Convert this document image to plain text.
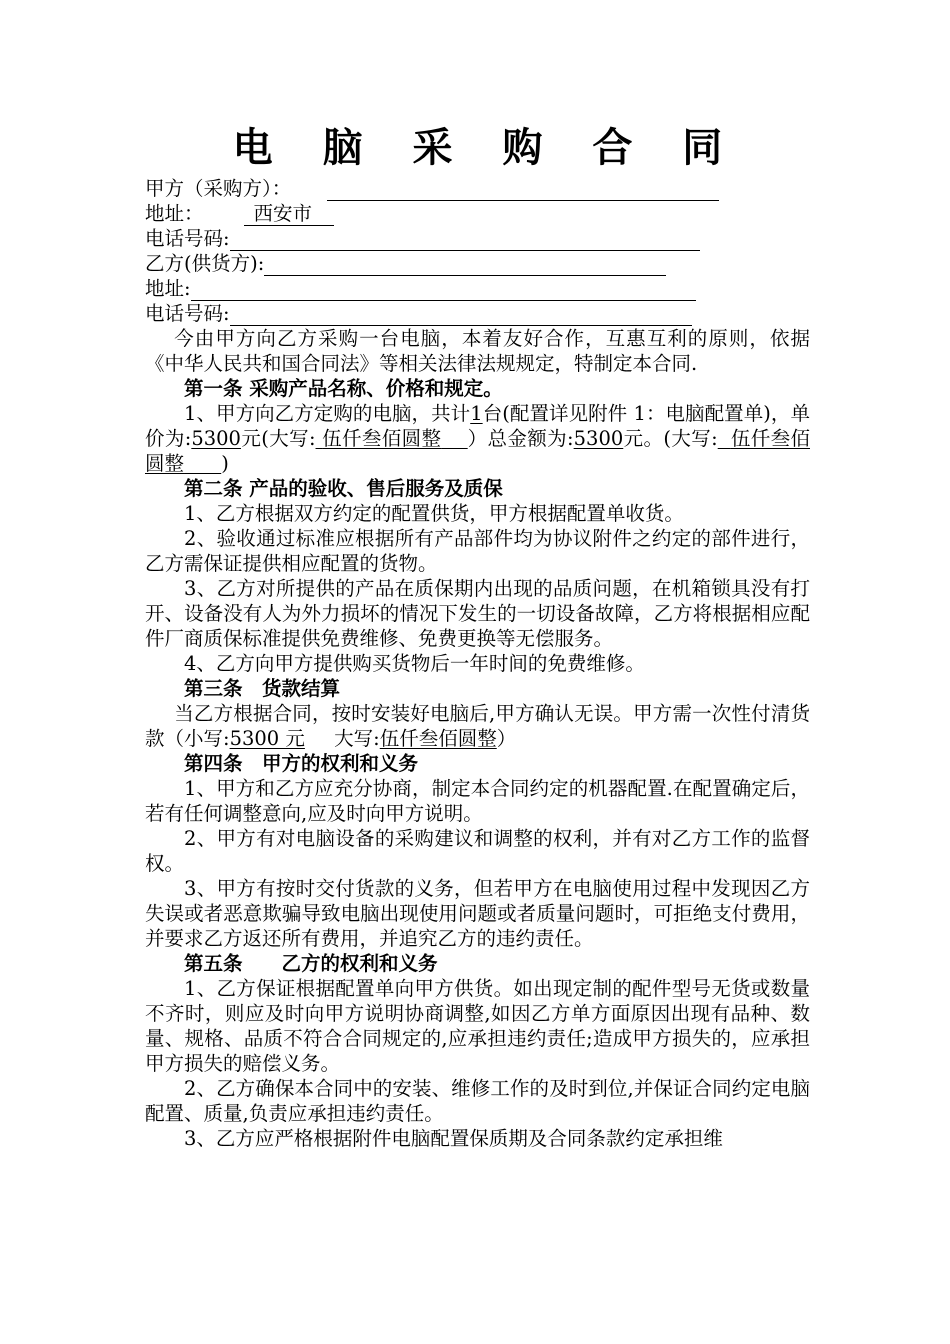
电 脑 采 购 合 同
甲方（采购方）：
地址：	西安市
电话号码:
乙方(供货方):
地址:
电话号码:

今由甲方向乙方采购一台电脑，本着友好合作，互惠互利的原则，依据《中华人民共和国合同法》等相关法律法规规定，特制定本合同.

第一条 采购产品名称、价格和规定。

1、甲方向乙方定购的电脑，共计1台(配置详见附件 1：电脑配置单)，单价为:5300元(大写: 伍仟叁佰圆整 ）总金额为:5300元。(大写: 伍仟叁佰圆整 )

第二条 产品的验收、售后服务及质保

1、乙方根据双方约定的配置供货，甲方根据配置单收货。

2、验收通过标准应根据所有产品部件均为协议附件之约定的部件进行，乙方需保证提供相应配置的货物。

3、乙方对所提供的产品在质保期内出现的品质问题，在机箱锁具没有打开、设备没有人为外力损坏的情况下发生的一切设备故障，乙方将根据相应配件厂商质保标准提供免费维修、免费更换等无偿服务。

4、乙方向甲方提供购买货物后一年时间的免费维修。

第三条　货款结算

当乙方根据合同，按时安装好电脑后,甲方确认无误。甲方需一次性付清货款（小写:5300 元 大写:伍仟叁佰圆整）

第四条　甲方的权利和义务

1、甲方和乙方应充分协商，制定本合同约定的机器配置.在配置确定后，若有任何调整意向,应及时向甲方说明。

2、甲方有对电脑设备的采购建议和调整的权利，并有对乙方工作的监督权。

3、甲方有按时交付货款的义务，但若甲方在电脑使用过程中发现因乙方失误或者恶意欺骗导致电脑出现使用问题或者质量问题时，可拒绝支付费用，并要求乙方返还所有费用，并追究乙方的违约责任。

第五条　　乙方的权利和义务

1、乙方保证根据配置单向甲方供货。如出现定制的配件型号无货或数量不齐时，则应及时向甲方说明协商调整,如因乙方单方面原因出现有品种、数量、规格、品质不符合合同规定的,应承担违约责任;造成甲方损失的，应承担甲方损失的赔偿义务。

2、乙方确保本合同中的安装、维修工作的及时到位,并保证合同约定电脑配置、质量,负责应承担违约责任。

3、乙方应严格根据附件电脑配置保质期及合同条款约定承担维
